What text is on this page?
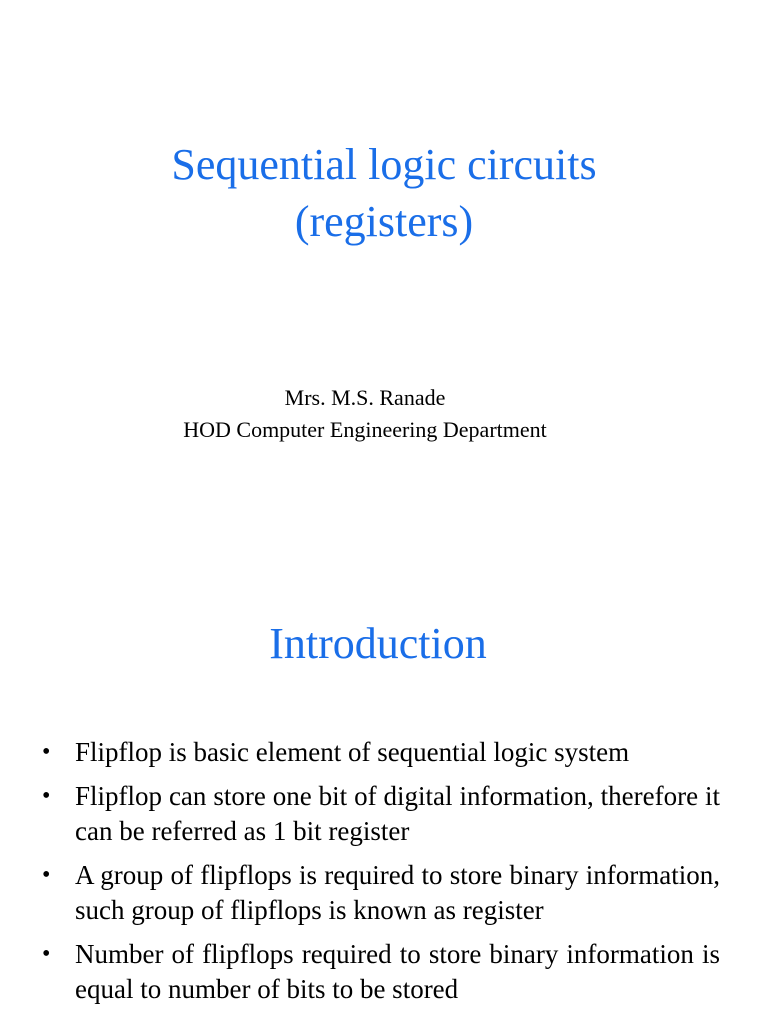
Sequential logic circuits
(registers)
Mrs. M.S. Ranade
HOD Computer Engineering Department
Introduction
• Flipflop is basic element of sequential logic system
• Flipflop can store one bit of digital information, therefore it can be referred as 1 bit register
• A group of flipflops is required to store binary information, such group of flipflops is known as register
• Number of flipflops required to store binary information is equal to number of bits to be stored
